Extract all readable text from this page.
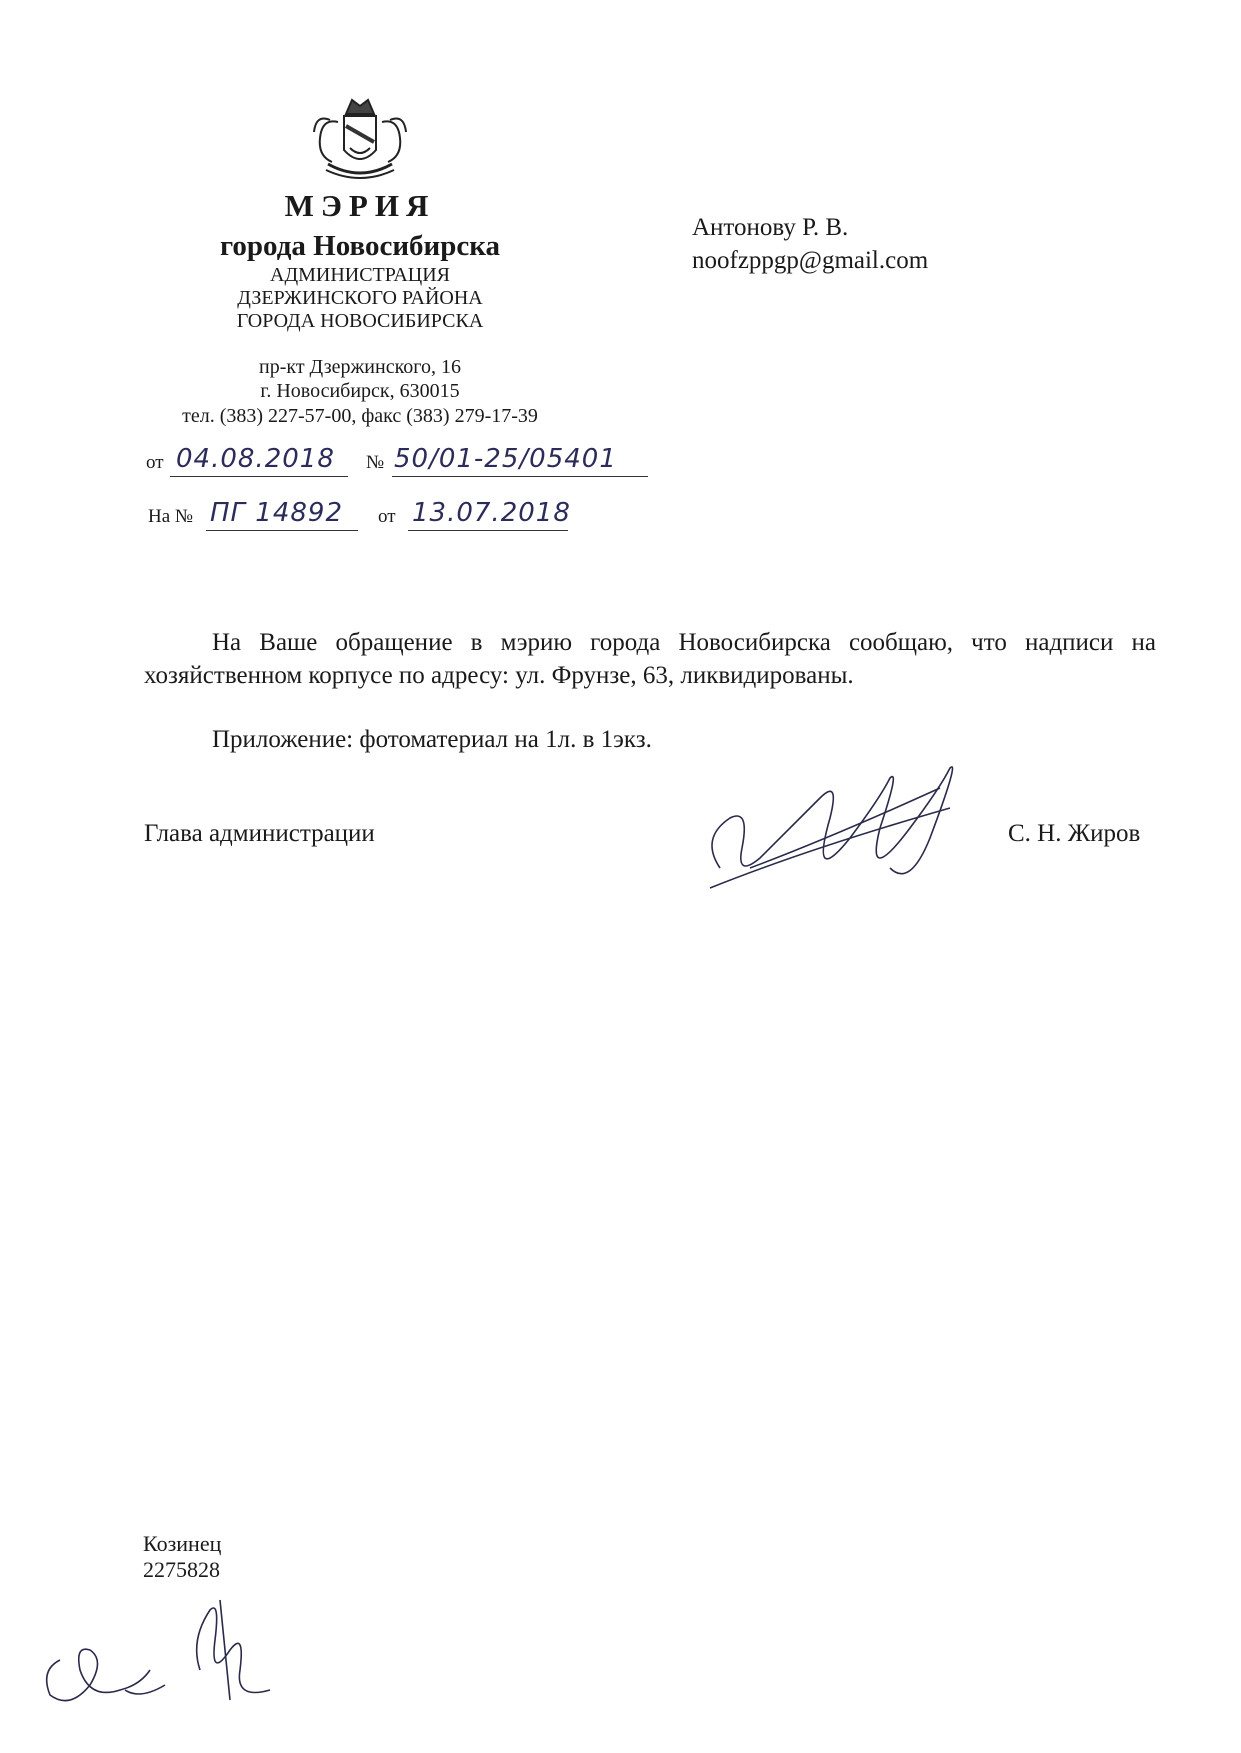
МЭРИЯ
города Новосибирска
АДМИНИСТРАЦИЯ
ДЗЕРЖИНСКОГО РАЙОНА
ГОРОДА НОВОСИБИРСКА
пр-кт Дзержинского, 16
г. Новосибирск, 630015
тел. (383) 227-57-00, факс (383) 279-17-39
от 04.08.2018 № 50/01-25/05401
На № ПГ 14892 от 13.07.2018
Антонову Р. В.
noofzppgp@gmail.com
На Ваше обращение в мэрию города Новосибирска сообщаю, что надписи на хозяйственном корпусе по адресу: ул. Фрунзе, 63, ликвидированы.
Приложение: фотоматериал на 1л. в 1экз.
Глава администрации	С. Н. Жиров
Козинец
2275828
